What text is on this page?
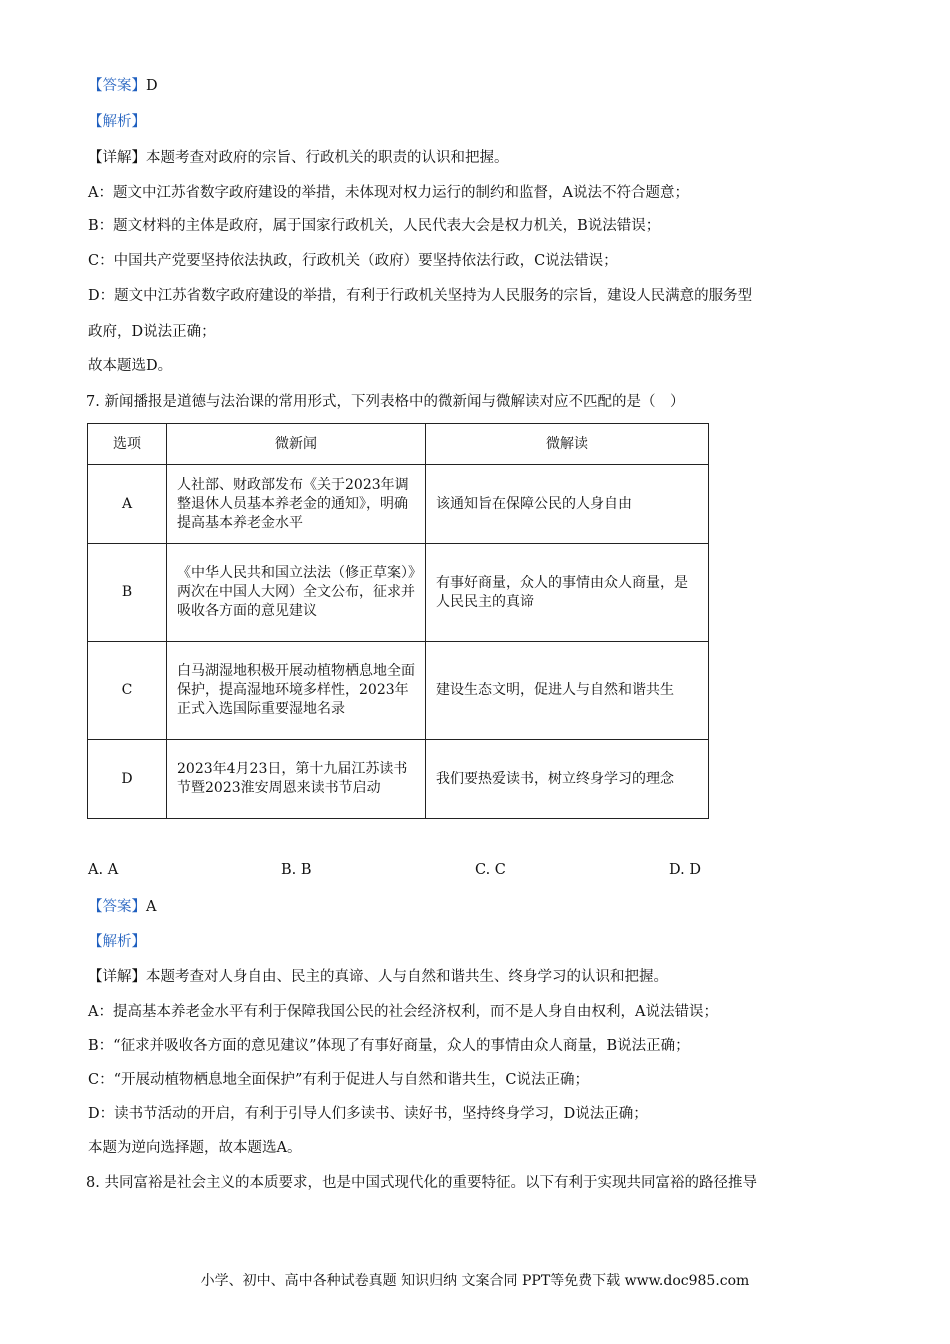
【答案】D
【解析】
【详解】本题考查对政府的宗旨、行政机关的职责的认识和把握。
A：题文中江苏省数字政府建设的举措，未体现对权力运行的制约和监督，A说法不符合题意；
B：题文材料的主体是政府，属于国家行政机关，人民代表大会是权力机关，B说法错误；
C：中国共产党要坚持依法执政，行政机关（政府）要坚持依法行政，C说法错误；
D：题文中江苏省数字政府建设的举措，有利于行政机关坚持为人民服务的宗旨，建设人民满意的服务型
政府，D说法正确；
故本题选D。
7. 新闻播报是道德与法治课的常用形式，下列表格中的微新闻与微解读对应不匹配的是（　）
选项	微新闻	微解读
A	人社部、财政部发布《关于2023年调整退休人员基本养老金的通知》，明确提高基本养老金水平	该通知旨在保障公民的人身自由

B	《中华人民共和国立法法（修正草案）》两次在中国人大网）全文公布，征求并吸收各方面的意见建议	有事好商量，众人的事情由众人商量，是人民民主的真谛

C	白马湖湿地积极开展动植物栖息地全面保护，提高湿地环境多样性，2023年正式入选国际重要湿地名录	建设生态文明，促进人与自然和谐共生

D	2023年4月23日，第十九届江苏读书节暨2023淮安周恩来读书节启动	我们要热爱读书，树立终身学习的理念
A. A	B. B	C. C	D. D
【答案】A
【解析】
【详解】本题考查对人身自由、民主的真谛、人与自然和谐共生、终身学习的认识和把握。
A：提高基本养老金水平有利于保障我国公民的社会经济权利，而不是人身自由权利，A说法错误；
B：“征求并吸收各方面的意见建议”体现了有事好商量，众人的事情由众人商量，B说法正确；
C：“开展动植物栖息地全面保护”有利于促进人与自然和谐共生，C说法正确；
D：读书节活动的开启，有利于引导人们多读书、读好书，坚持终身学习，D说法正确；
本题为逆向选择题，故本题选A。
8. 共同富裕是社会主义的本质要求，也是中国式现代化的重要特征。以下有利于实现共同富裕的路径推导
小学、初中、高中各种试卷真题 知识归纳 文案合同 PPT等免费下载 www.doc985.com
